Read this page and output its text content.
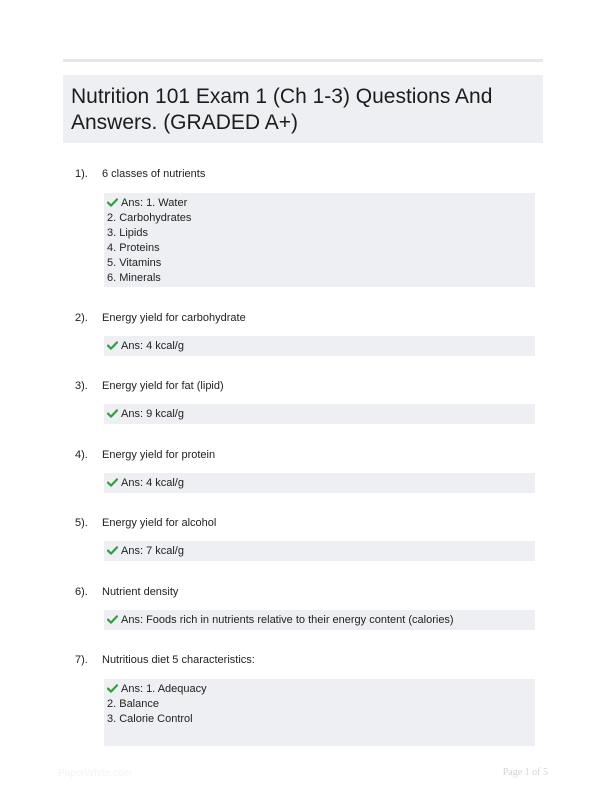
Nutrition 101 Exam 1 (Ch 1-3) Questions And Answers. (GRADED A+)
1). 6 classes of nutrients
Ans: 1. Water
2. Carbohydrates
3. Lipids
4. Proteins
5. Vitamins
6. Minerals
2). Energy yield for carbohydrate
Ans: 4 kcal/g
3). Energy yield for fat (lipid)
Ans: 9 kcal/g
4). Energy yield for protein
Ans: 4 kcal/g
5). Energy yield for alcohol
Ans: 7 kcal/g
6). Nutrient density
Ans: Foods rich in nutrients relative to their energy content (calories)
7). Nutritious diet 5 characteristics:
Ans: 1. Adequacy
2. Balance
3. Calorie Control
PaperWhite.com	Page 1 of 5
